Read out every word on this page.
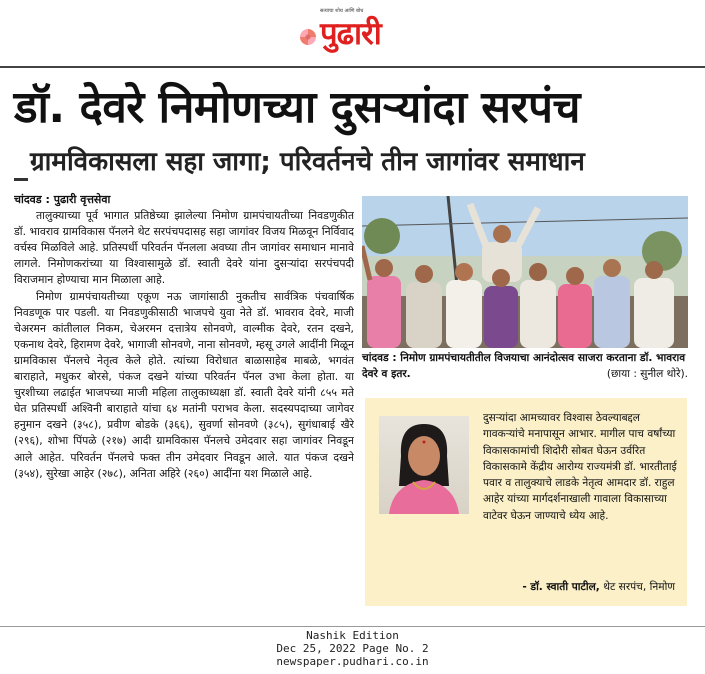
सत्याचा शोध आणि बोध
पुढारी
डॉ. देवरे निमोणच्या दुसऱ्यांदा सरपंच
ग्रामविकासला सहा जागा; परिवर्तनचे तीन जागांवर समाधान
चांदवड : पुढारी वृत्तसेवा

तालुक्याच्या पूर्व भागात प्रतिष्ठेच्या झालेल्या निमोण ग्रामपंचायतीच्या निवडणुकीत डॉ. भावराव ग्रामविकास पॅनलने थेट सरपंचपदासह सहा जागांवर विजय मिळवून निर्विवाद वर्चस्व मिळविले आहे. प्रतिस्पर्धी परिवर्तन पॅनलला अवघ्या तीन जागांवर समाधान मानावे लागले. निमोणकरांच्या या विश्वासामुळे डॉ. स्वाती देवरे यांना दुसऱ्यांदा सरपंचपदी विराजमान होण्याचा मान मिळाला आहे.

निमोण ग्रामपंचायतीच्या एकूण नऊ जागांसाठी नुकतीच सार्वत्रिक पंचवार्षिक निवडणूक पार पडली. या निवडणुकीसाठी भाजपचे युवा नेते डॉ. भावराव देवरे, माजी चेअरमन कांतीलाल निकम, चेअरमन दत्तात्रेय सोनवणे, वाल्मीक देवरे, रतन दखने, एकनाथ देवरे, हिरामण देवरे, भागाजी सोनवणे, नाना सोनवणे, म्हसू उगले आदींनी मिळून ग्रामविकास पॅनलचे नेतृत्व केले होते. त्यांच्या विरोधात बाळासाहेब माबळे, भगवंत बाराहाते, मधुकर बोरसे, पंकज दखने यांच्या परिवर्तन पॅनल उभा केला होता. या चुरशीच्या लढाईत भाजपच्या माजी महिला तालुकाध्यक्षा डॉ. स्वाती देवरे यांनी ८५५ मते घेत प्रतिस्पर्धी अश्विनी बाराहाते यांचा ६४ मतांनी पराभव केला. सदस्यपदाच्या जागेवर हनुमान दखने (३५८), प्रवीण बोडके (३६६), सुवर्णा सोनवणे (३८५), सुगंधाबाई खैरे (२९६), शोभा पिंपळे (२१७) आदी ग्रामविकास पॅनलचे उमेदवार सहा जागांवर निवडून आले आहेत. परिवर्तन पॅनलचे फक्त तीन उमेदवार निवडून आले. यात पंकज दखने (३५४), सुरेखा आहेर (२७८), अनिता अहिरे (२६०) आदींना यश मिळाले आहे.

चांदवड : निमोण ग्रामपंचायतीतील विजयाचा आनंदोत्सव साजरा करताना डॉ. भावराव देवरे व इतर.	(छाया : सुनील थोरे).
दुसऱ्यांदा आमच्यावर विश्वास ठेवल्याबद्दल गावकऱ्यांचे मनापासून आभार. मागील पाच वर्षांच्या विकासकामांची शिदोरी सोबत घेऊन उर्वरित विकासकामे केंद्रीय आरोग्य राज्यमंत्री डॉ. भारतीताई पवार व तालुक्याचे लाडके नेतृत्व आमदार डॉ. राहुल आहेर यांच्या मार्गदर्शनाखाली गावाला विकासाच्या वाटेवर घेऊन जाण्याचे ध्येय आहे.
- डॉ. स्वाती पाटील, थेट सरपंच, निमोण
Nashik Edition
Dec 25, 2022 Page No. 2
newspaper.pudhari.co.in
